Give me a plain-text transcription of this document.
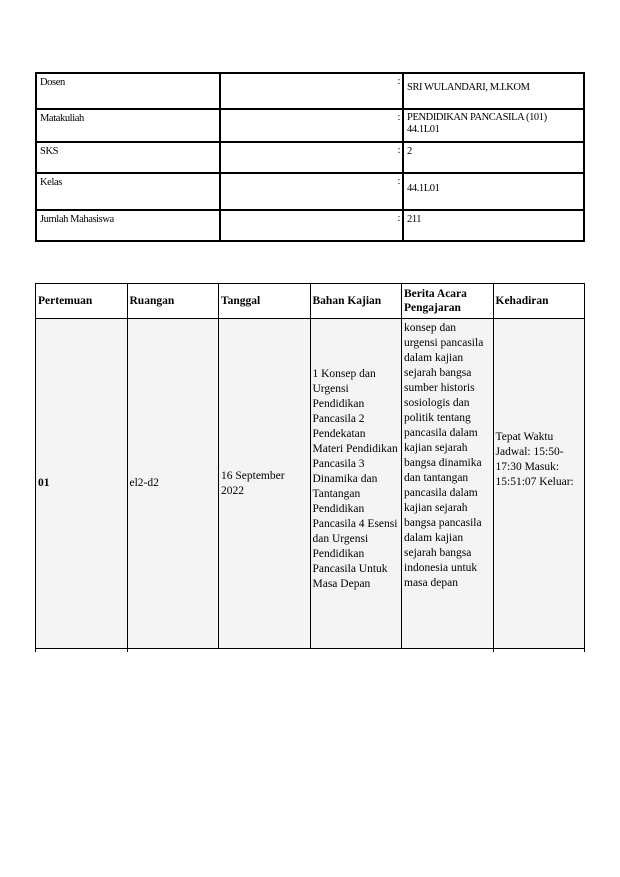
Dosen	:	SRI WULANDARI, M.I.KOM
Matakuliah	:	PENDIDIKAN PANCASILA (101) 44.1L01
SKS	:	2
Kelas	:	44.1L01
Jumlah Mahasiswa	:	211
Pertemuan	Ruangan	Tanggal	Bahan Kajian	Berita Acara Pengajaran	Kehadiran
01	el2-d2	16 September 2022	1 Konsep dan Urgensi Pendidikan Pancasila 2 Pendekatan Materi Pendidikan Pancasila 3 Dinamika dan Tantangan Pendidikan Pancasila 4 Esensi dan Urgensi Pendidikan Pancasila Untuk Masa Depan	konsep dan urgensi pancasila dalam kajian sejarah bangsa sumber historis sosiologis dan politik tentang pancasila dalam kajian sejarah bangsa dinamika dan tantangan pancasila dalam kajian sejarah bangsa pancasila dalam kajian sejarah bangsa indonesia untuk masa depan	Tepat Waktu Jadwal: 15:50-17:30 Masuk: 15:51:07 Keluar:
